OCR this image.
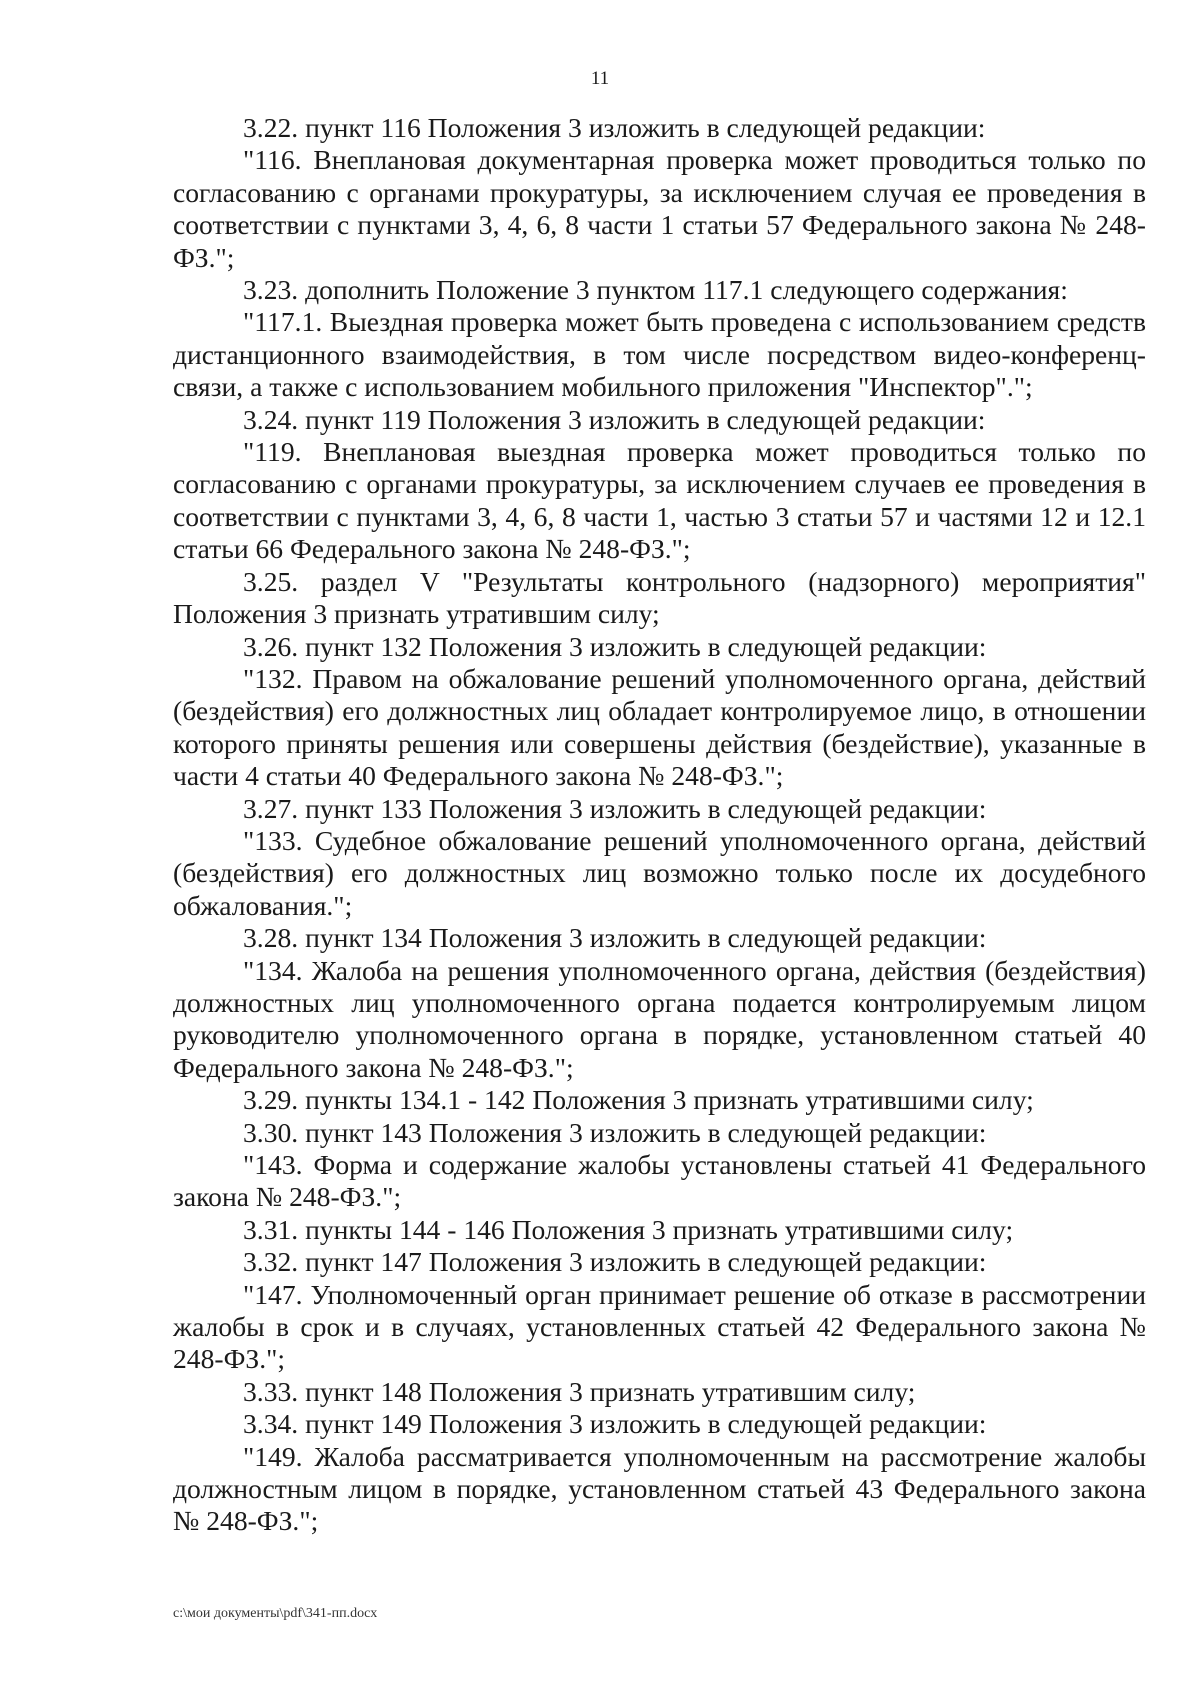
11

3.22. пункт 116 Положения 3 изложить в следующей редакции:

"116. Внеплановая документарная проверка может проводиться только по согласованию с органами прокуратуры, за исключением случая ее проведения в соответствии с пунктами 3, 4, 6, 8 части 1 статьи 57 Федерального закона № 248-ФЗ.";

3.23. дополнить Положение 3 пунктом 117.1 следующего содержания:

"117.1. Выездная проверка может быть проведена с использованием средств дистанционного взаимодействия, в том числе посредством видео-конференц-связи, а также с использованием мобильного приложения "Инспектор".";

3.24. пункт 119 Положения 3 изложить в следующей редакции:

"119. Внеплановая выездная проверка может проводиться только по согласованию с органами прокуратуры, за исключением случаев ее проведения в соответствии с пунктами 3, 4, 6, 8 части 1, частью 3 статьи 57 и частями 12 и 12.1 статьи 66 Федерального закона № 248-ФЗ.";

3.25. раздел V "Результаты контрольного (надзорного) мероприятия" Положения 3 признать утратившим силу;

3.26. пункт 132 Положения 3 изложить в следующей редакции:

"132. Правом на обжалование решений уполномоченного органа, действий (бездействия) его должностных лиц обладает контролируемое лицо, в отношении которого приняты решения или совершены действия (бездействие), указанные в части 4 статьи 40 Федерального закона № 248-ФЗ.";

3.27. пункт 133 Положения 3 изложить в следующей редакции:

"133. Судебное обжалование решений уполномоченного органа, действий (бездействия) его должностных лиц возможно только после их досудебного обжалования.";

3.28. пункт 134 Положения 3 изложить в следующей редакции:

"134. Жалоба на решения уполномоченного органа, действия (бездействия) должностных лиц уполномоченного органа подается контролируемым лицом руководителю уполномоченного органа в порядке, установленном статьей 40 Федерального закона № 248-ФЗ.";

3.29. пункты 134.1 - 142 Положения 3 признать утратившими силу;

3.30. пункт 143 Положения 3 изложить в следующей редакции:

"143. Форма и содержание жалобы установлены статьей 41 Федерального закона № 248-ФЗ.";

3.31. пункты 144 - 146 Положения 3 признать утратившими силу;

3.32. пункт 147 Положения 3 изложить в следующей редакции:

"147. Уполномоченный орган принимает решение об отказе в рассмотрении жалобы в срок и в случаях, установленных статьей 42 Федерального закона № 248-ФЗ.";

3.33. пункт 148 Положения 3 признать утратившим силу;

3.34. пункт 149 Положения 3 изложить в следующей редакции:

"149. Жалоба рассматривается уполномоченным на рассмотрение жалобы должностным лицом в порядке, установленном статьей 43 Федерального закона № 248-ФЗ.";

c:\мои документы\pdf\341-пп.docx
